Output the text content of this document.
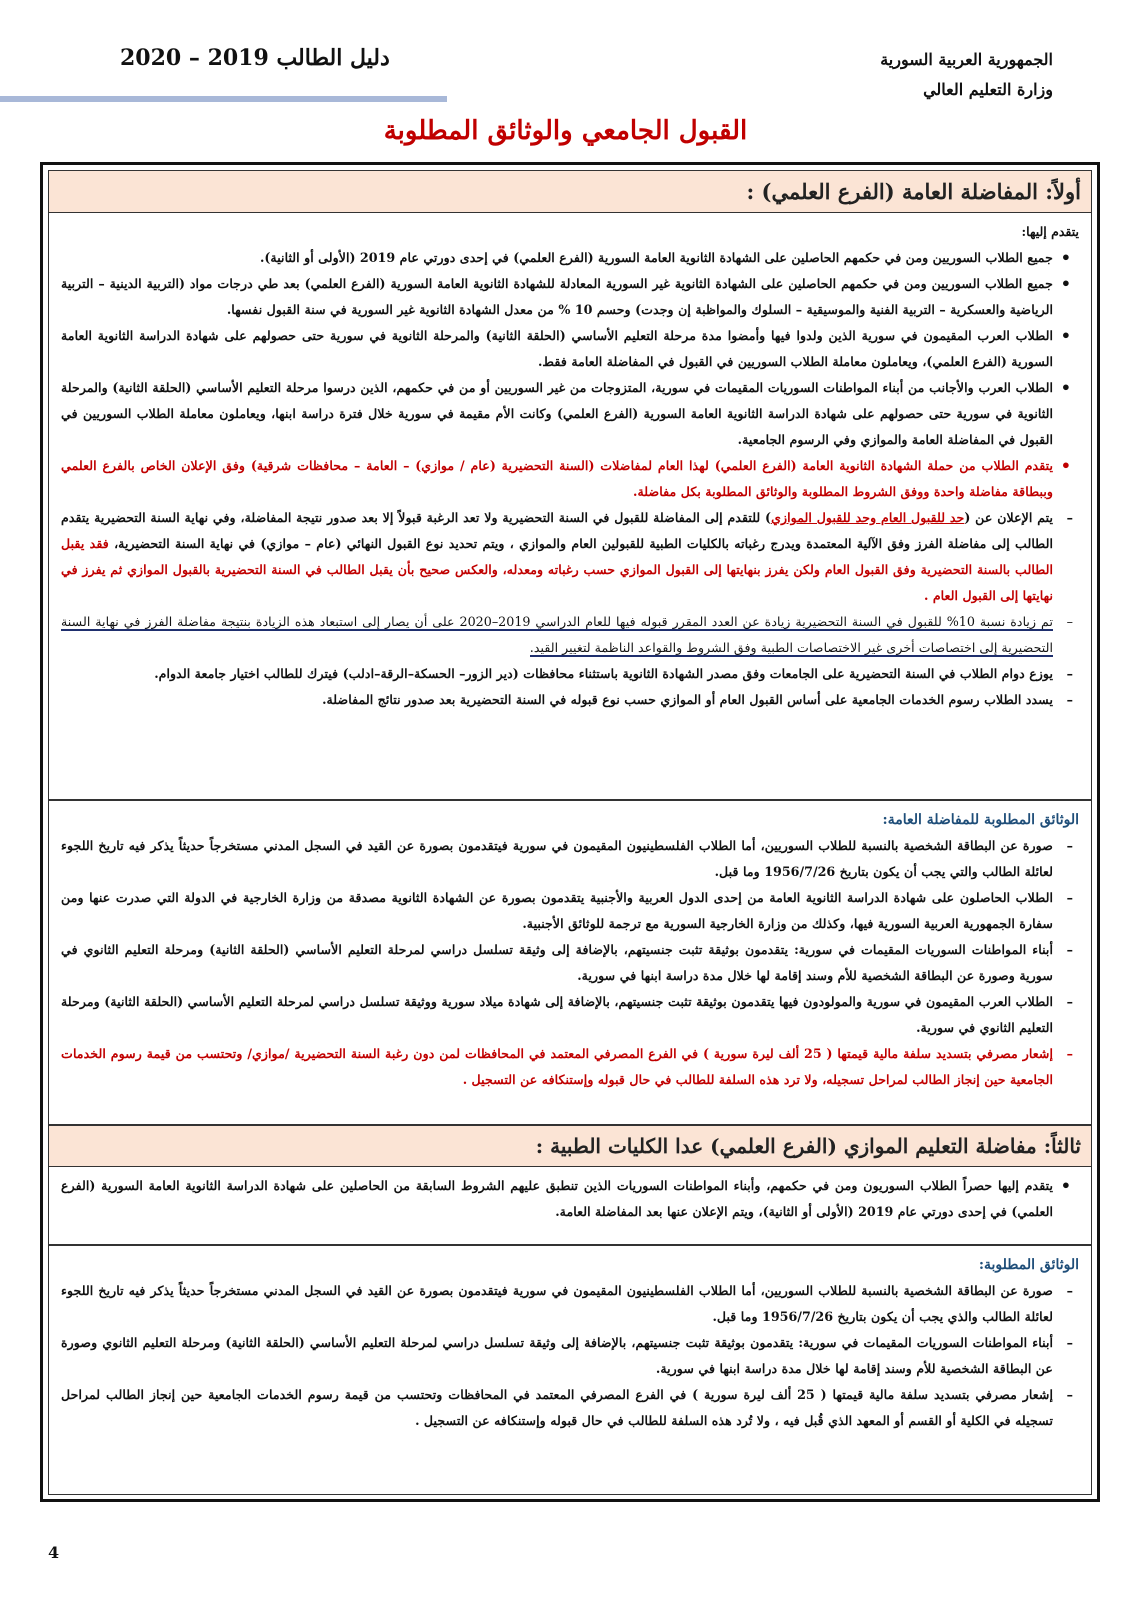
الجمهورية العربية السورية
وزارة التعليم العالي
دليل الطالب 2019 – 2020
القبول الجامعي والوثائق المطلوبة
أولاً: المفاضلة العامة (الفرع العلمي) :

يتقدم إليها:

• جميع الطلاب السوريين ومن في حكمهم الحاصلين على الشهادة الثانوية العامة السورية (الفرع العلمي) في إحدى دورتي عام 2019 (الأولى أو الثانية).
• جميع الطلاب السوريين ومن في حكمهم الحاصلين على الشهادة الثانوية غير السورية المعادلة للشهادة الثانوية العامة السورية (الفرع العلمي) بعد طي درجات مواد (التربية الدينية – التربية الرياضية والعسكرية – التربية الفنية والموسيقية – السلوك والمواظبة إن وجدت) وحسم 10 % من معدل الشهادة الثانوية غير السورية في سنة القبول نفسها.
• الطلاب العرب المقيمون في سورية الذين ولدوا فيها وأمضوا مدة مرحلة التعليم الأساسي (الحلقة الثانية) والمرحلة الثانوية في سورية حتى حصولهم على شهادة الدراسة الثانوية العامة السورية (الفرع العلمي)، ويعاملون معاملة الطلاب السوريين في القبول في المفاضلة العامة فقط.
• الطلاب العرب والأجانب من أبناء المواطنات السوريات المقيمات في سورية، المتزوجات من غير السوريين أو من في حكمهم، الذين درسوا مرحلة التعليم الأساسي (الحلقة الثانية) والمرحلة الثانوية في سورية حتى حصولهم على شهادة الدراسة الثانوية العامة السورية (الفرع العلمي) وكانت الأم مقيمة في سورية خلال فترة دراسة ابنها، ويعاملون معاملة الطلاب السوريين في القبول في المفاضلة العامة والموازي وفي الرسوم الجامعية.
• يتقدم الطلاب من حملة الشهادة الثانوية العامة (الفرع العلمي) لهذا العام لمفاضلات (السنة التحضيرية (عام / موازي) – العامة – محافظات شرقية) وفق الإعلان الخاص بالفرع العلمي وببطاقة مفاضلة واحدة ووفق الشروط المطلوبة والوثائق المطلوبة بكل مفاضلة.
– يتم الإعلان عن (حد للقبول العام وحد للقبول الموازي) للتقدم إلى المفاضلة للقبول في السنة التحضيرية ولا تعد الرغبة قبولاً إلا بعد صدور نتيجة المفاضلة، وفي نهاية السنة التحضيرية يتقدم الطالب إلى مفاضلة الفرز وفق الآلية المعتمدة ويدرج رغباته بالكليات الطبية للقبولين العام والموازي ، ويتم تحديد نوع القبول النهائي (عام – موازي) في نهاية السنة التحضيرية، فقد يقبل الطالب بالسنة التحضيرية وفق القبول العام ولكن يفرز بنهايتها إلى القبول الموازي حسب رغباته ومعدله، والعكس صحيح بأن يقبل الطالب في السنة التحضيرية بالقبول الموازي ثم يفرز في نهايتها إلى القبول العام .
– تم زيادة نسبة 10% للقبول في السنة التحضيرية زيادة عن العدد المقرر قبوله فيها للعام الدراسي 2019–2020 على أن يصار إلى استبعاد هذه الزيادة بنتيجة مفاضلة الفرز في نهاية السنة التحضيرية إلى اختصاصات أخرى غير الاختصاصات الطبية وفق الشروط والقواعد الناظمة لتغيير القيد.
– يوزع دوام الطلاب في السنة التحضيرية على الجامعات وفق مصدر الشهادة الثانوية باستثناء محافظات (دير الزور– الحسكة–الرقة–ادلب) فيترك للطالب اختيار جامعة الدوام.
– يسدد الطلاب رسوم الخدمات الجامعية على أساس القبول العام أو الموازي حسب نوع قبوله في السنة التحضيرية بعد صدور نتائج المفاضلة.

الوثائق المطلوبة للمفاضلة العامة:

– صورة عن البطاقة الشخصية بالنسبة للطلاب السوريين، أما الطلاب الفلسطينيون المقيمون في سورية فيتقدمون بصورة عن القيد في السجل المدني مستخرجاً حديثاً يذكر فيه تاريخ اللجوء لعائلة الطالب والتي يجب أن يكون بتاريخ 1956/7/26 وما قبل.
– الطلاب الحاصلون على شهادة الدراسة الثانوية العامة من إحدى الدول العربية والأجنبية يتقدمون بصورة عن الشهادة الثانوية مصدقة من وزارة الخارجية في الدولة التي صدرت عنها ومن سفارة الجمهورية العربية السورية فيها، وكذلك من وزارة الخارجية السورية مع ترجمة للوثائق الأجنبية.
– أبناء المواطنات السوريات المقيمات في سورية: يتقدمون بوثيقة تثبت جنسيتهم، بالإضافة إلى وثيقة تسلسل دراسي لمرحلة التعليم الأساسي (الحلقة الثانية) ومرحلة التعليم الثانوي في سورية وصورة عن البطاقة الشخصية للأم وسند إقامة لها خلال مدة دراسة ابنها في سورية.
– الطلاب العرب المقيمون في سورية والمولودون فيها يتقدمون بوثيقة تثبت جنسيتهم، بالإضافة إلى شهادة ميلاد سورية ووثيقة تسلسل دراسي لمرحلة التعليم الأساسي (الحلقة الثانية) ومرحلة التعليم الثانوي في سورية.
– إشعار مصرفي بتسديد سلفة مالية قيمتها ( 25 ألف ليرة سورية ) في الفرع المصرفي المعتمد في المحافظات لمن دون رغبة السنة التحضيرية /موازي/ وتحتسب من قيمة رسوم الخدمات الجامعية حين إنجاز الطالب لمراحل تسجيله، ولا ترد هذه السلفة للطالب في حال قبوله وإستنكافه عن التسجيل .
ثالثاً: مفاضلة التعليم الموازي (الفرع العلمي) عدا الكليات الطبية :
• يتقدم إليها حصراً الطلاب السوريون ومن في حكمهم، وأبناء المواطنات السوريات الذين تنطبق عليهم الشروط السابقة من الحاصلين على شهادة الدراسة الثانوية العامة السورية (الفرع العلمي) في إحدى دورتي عام 2019 (الأولى أو الثانية)، ويتم الإعلان عنها بعد المفاضلة العامة.

الوثائق المطلوبة:

– صورة عن البطاقة الشخصية بالنسبة للطلاب السوريين، أما الطلاب الفلسطينيون المقيمون في سورية فيتقدمون بصورة عن القيد في السجل المدني مستخرجاً حديثاً يذكر فيه تاريخ اللجوء لعائلة الطالب والذي يجب أن يكون بتاريخ 1956/7/26 وما قبل.
– أبناء المواطنات السوريات المقيمات في سورية: يتقدمون بوثيقة تثبت جنسيتهم، بالإضافة إلى وثيقة تسلسل دراسي لمرحلة التعليم الأساسي (الحلقة الثانية) ومرحلة التعليم الثانوي وصورة عن البطاقة الشخصية للأم وسند إقامة لها خلال مدة دراسة ابنها في سورية.
– إشعار مصرفي بتسديد سلفة مالية قيمتها ( 25 ألف ليرة سورية ) في الفرع المصرفي المعتمد في المحافظات وتحتسب من قيمة رسوم الخدمات الجامعية حين إنجاز الطالب لمراحل تسجيله في الكلية أو القسم أو المعهد الذي قُبل فيه ، ولا تُرد هذه السلفة للطالب في حال قبوله وإستنكافه عن التسجيل .
4
